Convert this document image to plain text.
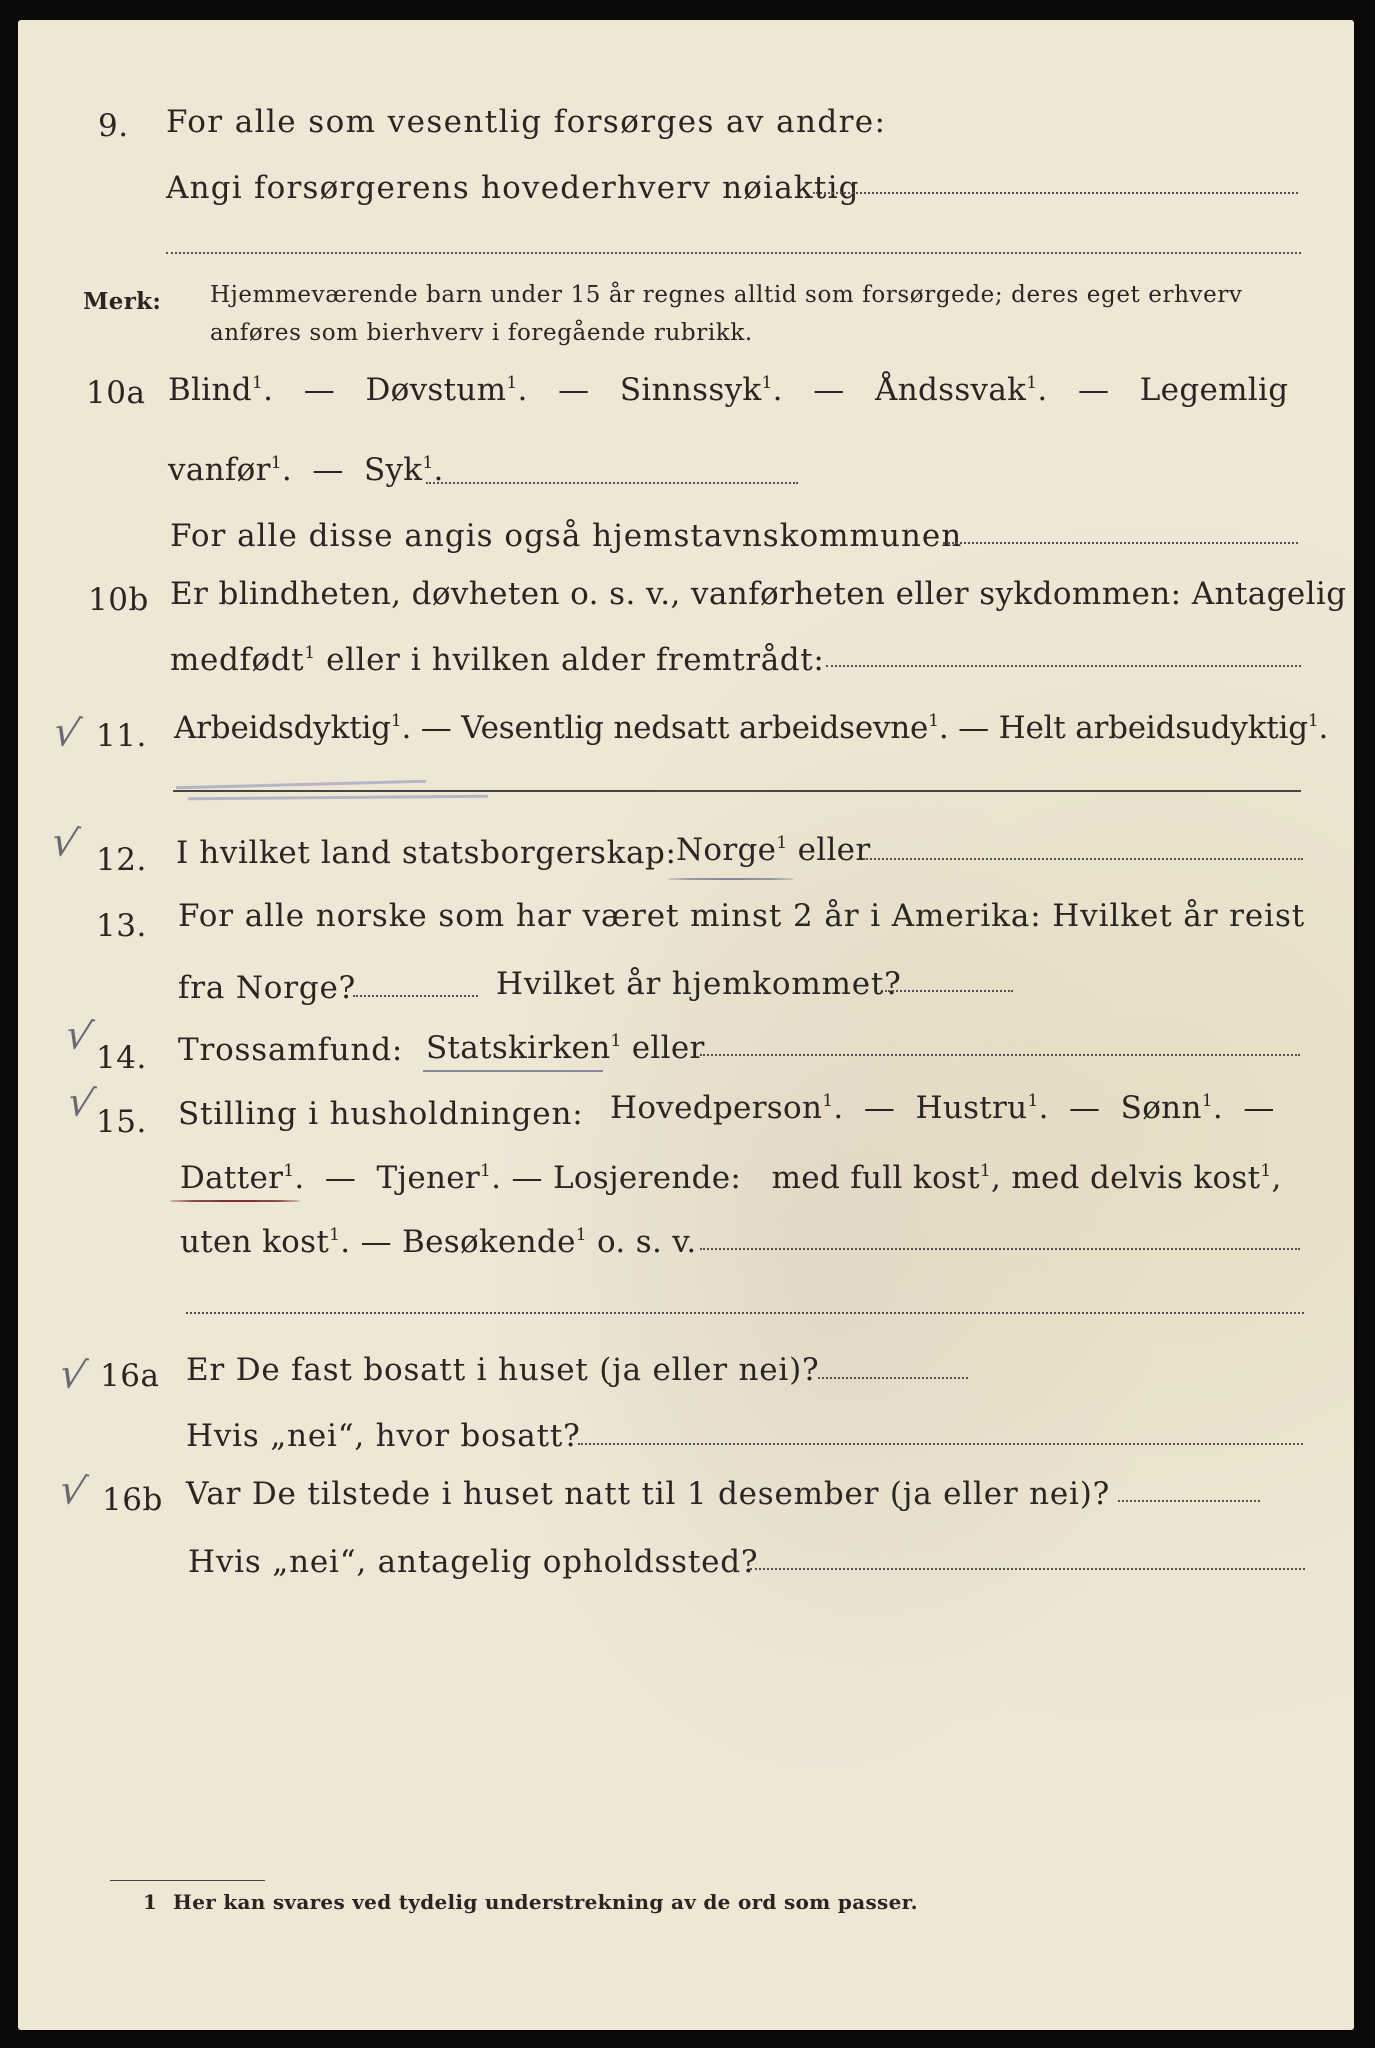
9. For alle som vesentlig forsørges av andre:
Angi forsørgerens hovederhverv nøiaktig
Merk: Hjemmeværende barn under 15 år regnes alltid som forsørgede; deres eget erhverv
anføres som bierhverv i foregående rubrikk.
10a Blind$^1$.   — Døvstum$^1$.   — Sinnssyk$^1$.   — Åndssvak$^1$.   — Legemlig
vanfør$^1$.  — Syk$^1$.
For alle disse angis også hjemstavnskommunen
10b Er blindheten, døvheten o. s. v., vanførheten eller sykdommen: Antagelig
medfødt$^1$ eller i hvilken alder fremtrådt:
√ 11. Arbeidsdyktig$^1$. — Vesentlig nedsatt arbeidsevne$^1$. — Helt arbeidsudyktig$^1$.
√ 12. I hvilket land statsborgerskap: Norge$^1$ eller
13. For alle norske som har været minst 2 år i Amerika: Hvilket år reist
fra Norge?	Hvilket år hjemkommet?
√ 14. Trossamfund: Statskirken$^1$ eller
√
15. Stilling i husholdningen: Hovedperson$^1$.  — Hustru$^1$.  — Sønn$^1$.  —
Datter$^1$.  — Tjener$^1$. — Losjerende: med full kost$^1$, med delvis kost$^1$,
uten kost$^1$. — Besøkende$^1$ o. s. v.
√ 16a Er De fast bosatt i huset (ja eller nei)?
Hvis „nei“, hvor bosatt?
√ 16b Var De tilstede i huset natt til 1 desember (ja eller nei)?
Hvis „nei“, antagelig opholdssted?
1 Her kan svares ved tydelig understrekning av de ord som passer.
